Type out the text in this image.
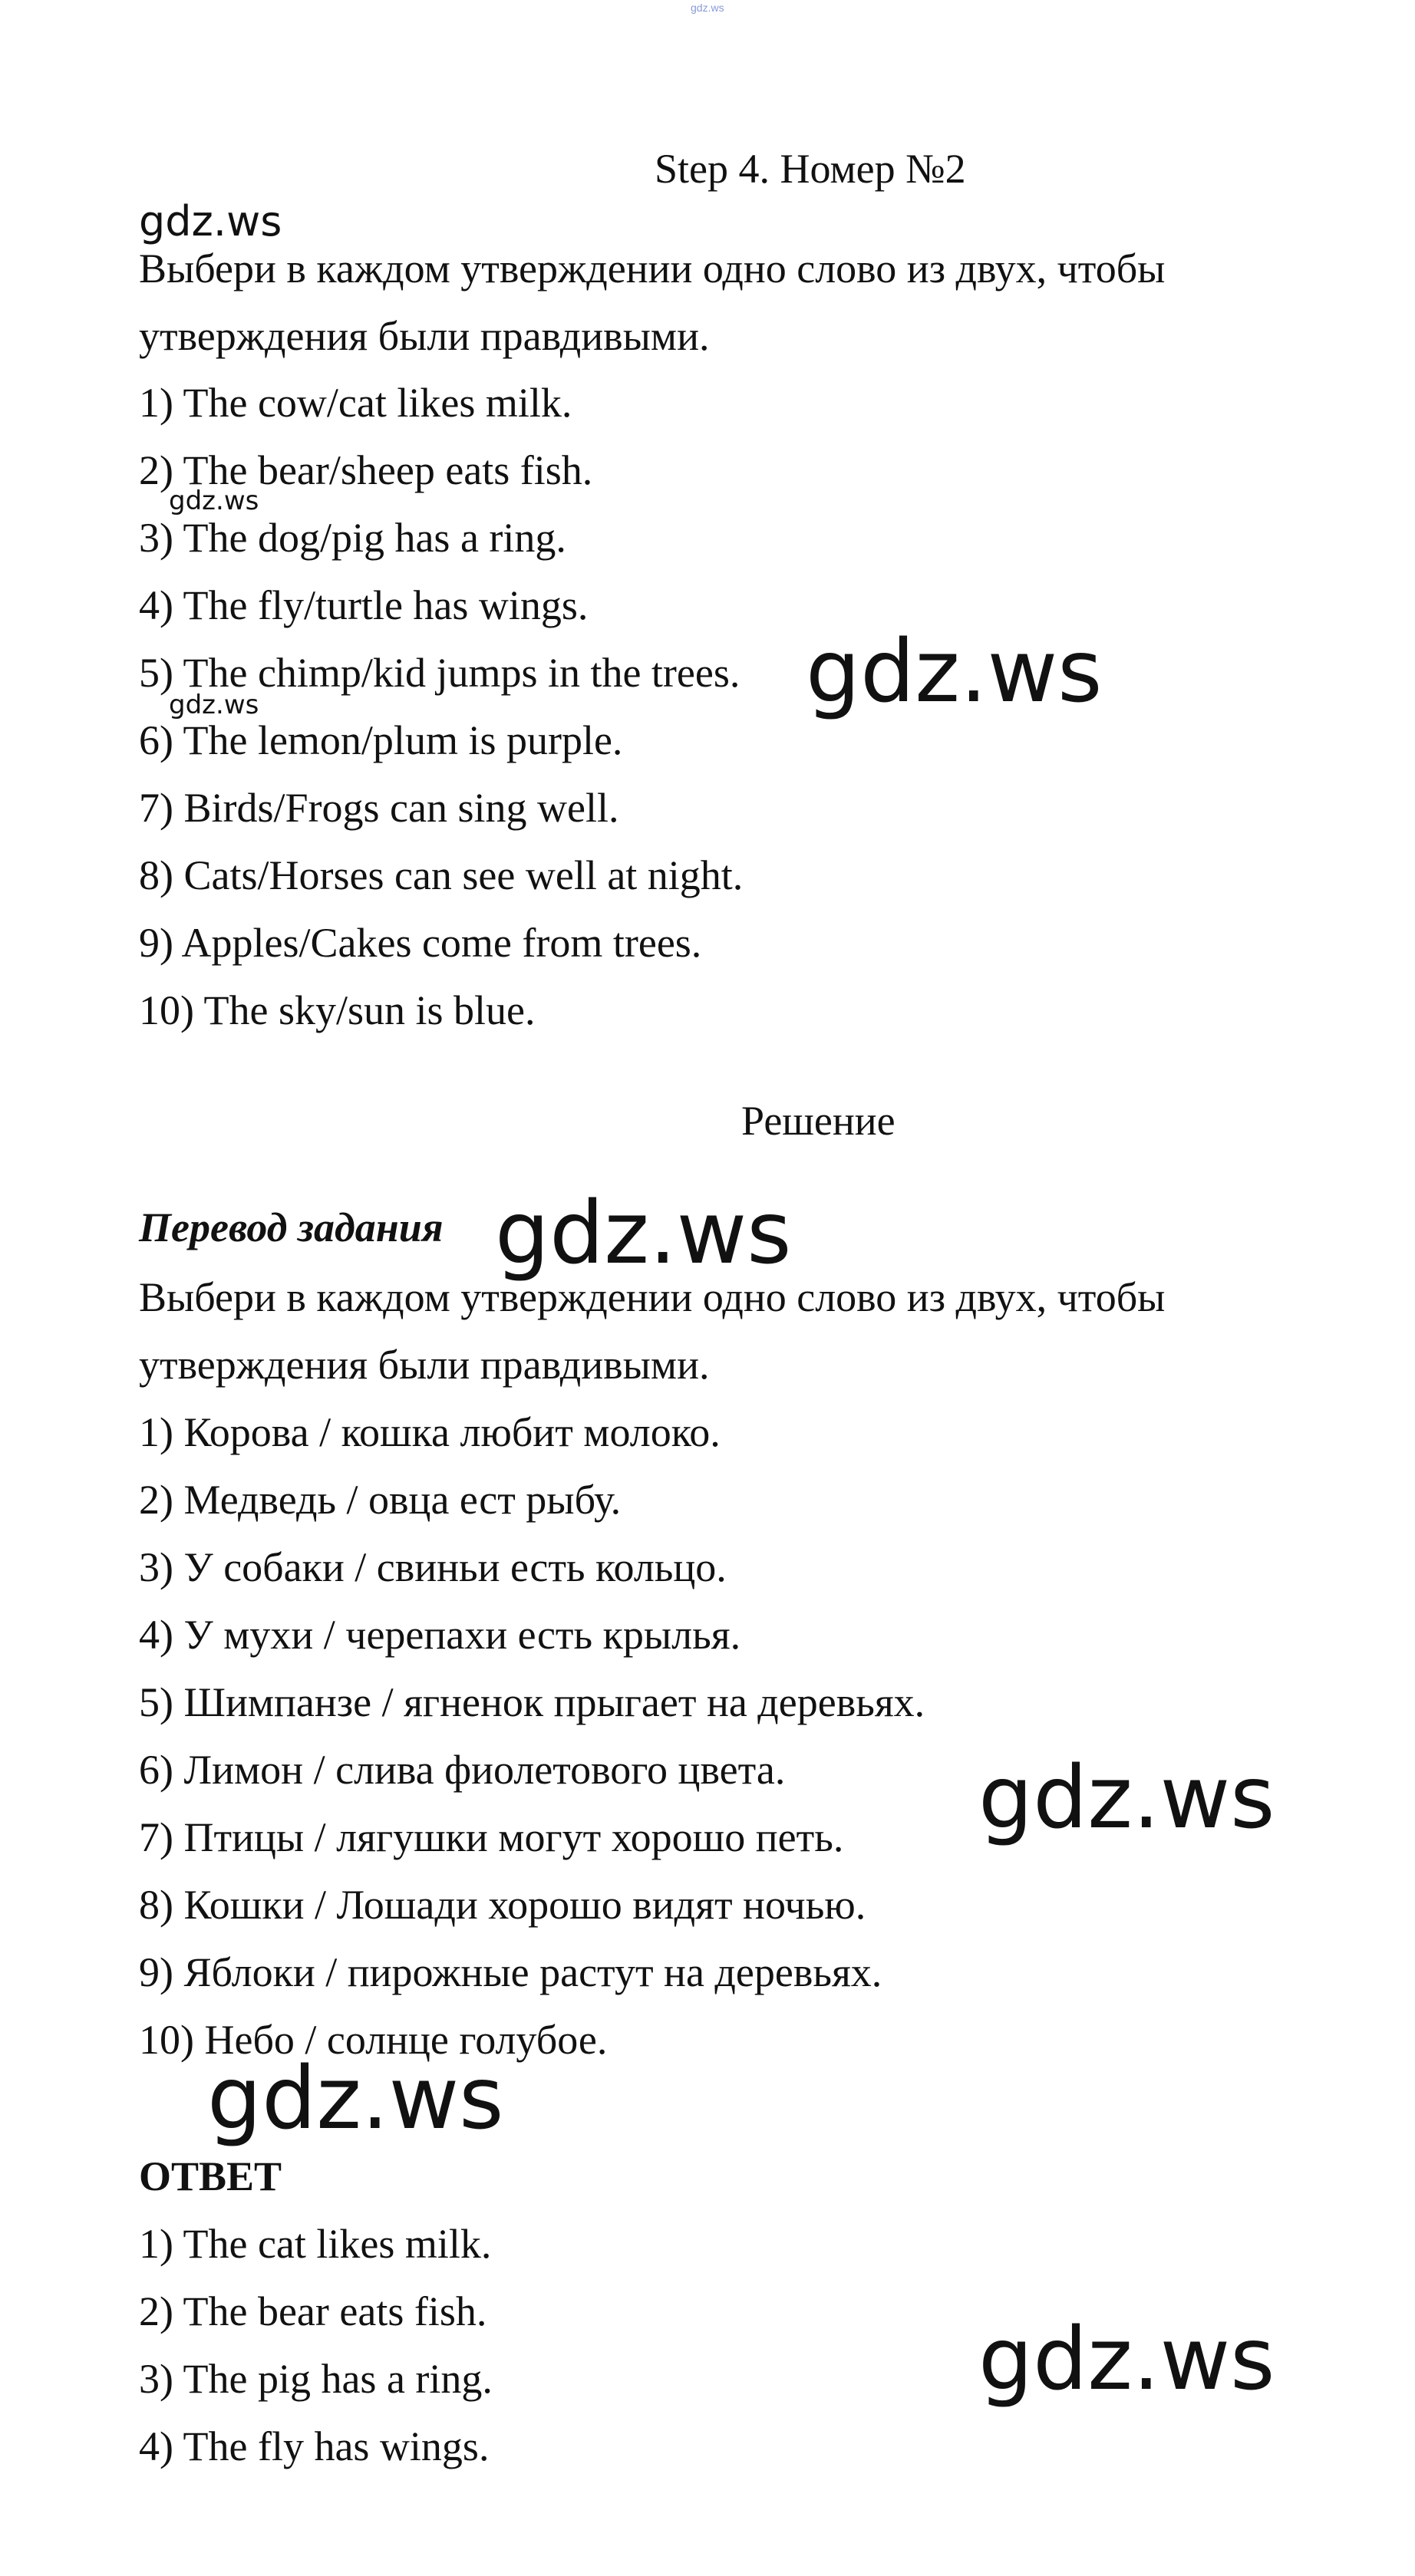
gdz.ws
Step 4. Номер №2
Выбери в каждом утверждении одно слово из двух, чтобы
утверждения были правдивыми.
1) The cow/cat likes milk.
2) The bear/sheep eats fish.
3) The dog/pig has a ring.
4) The fly/turtle has wings.
5) The chimp/kid jumps in the trees.
6) The lemon/plum is purple.
7) Birds/Frogs can sing well.
8) Cats/Horses can see well at night.
9) Apples/Cakes come from trees.
10) The sky/sun is blue.
Решение
Перевод задания
Выбери в каждом утверждении одно слово из двух, чтобы
утверждения были правдивыми.
1) Корова / кошка любит молоко.
2) Медведь / овца ест рыбу.
3) У собаки / свиньи есть кольцо.
4) У мухи / черепахи есть крылья.
5) Шимпанзе / ягненок прыгает на деревьях.
6) Лимон / слива фиолетового цвета.
7) Птицы / лягушки могут хорошо петь.
8) Кошки / Лошади хорошо видят ночью.
9) Яблоки / пирожные растут на деревьях.
10) Небо / солнце голубое.
ОТВЕТ
1) The cat likes milk.
2) The bear eats fish.
3) The pig has a ring.
4) The fly has wings.
gdz.ws
gdz.ws
gdz.ws	gdz.ws
gdz.ws
gdz.ws
gdz.ws
gdz.ws
